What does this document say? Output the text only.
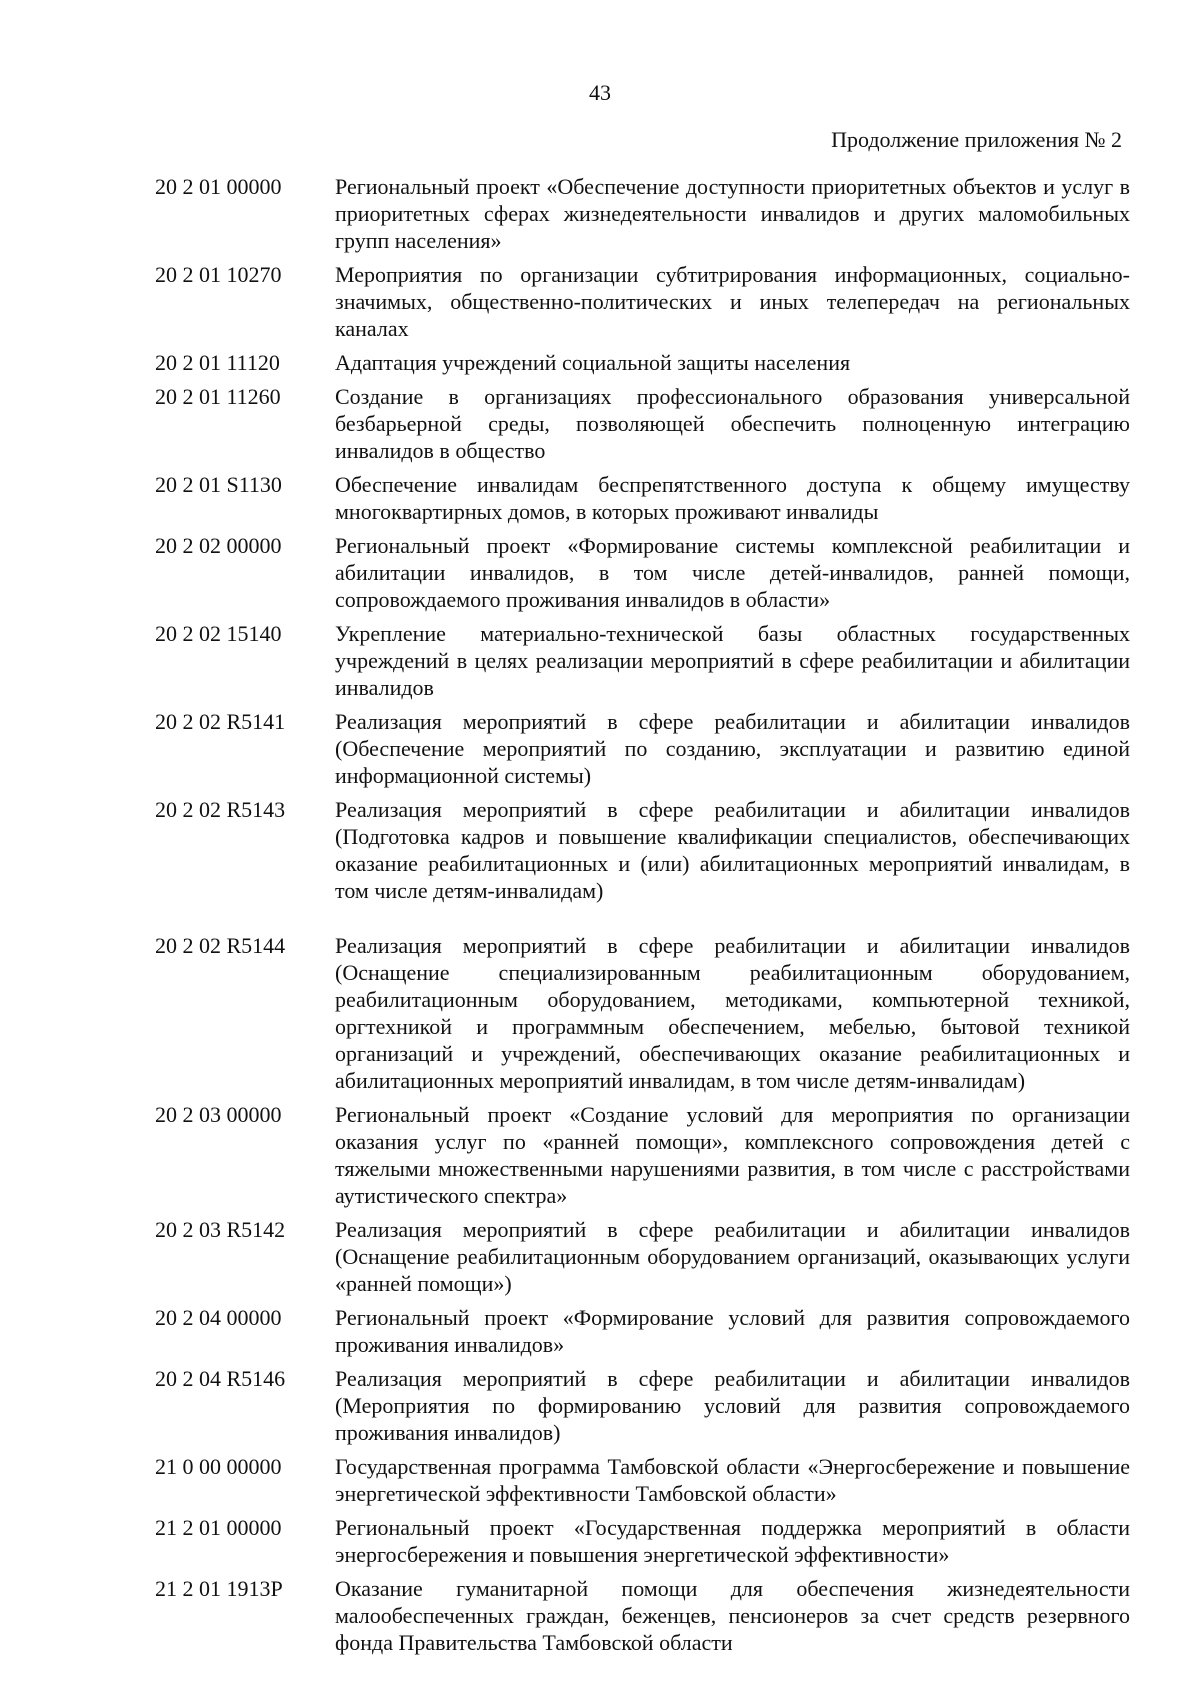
43
Продолжение приложения № 2
20 2 01 00000	Региональный проект «Обеспечение доступности приоритетных объектов и услуг в приоритетных сферах жизнедеятельности инвалидов и других маломобильных групп населения»
20 2 01 10270	Мероприятия по организации субтитрирования информационных, социально-значимых, общественно-политических и иных телепередач на региональных каналах
20 2 01 11120	Адаптация учреждений социальной защиты населения
20 2 01 11260	Создание в организациях профессионального образования универсальной безбарьерной среды, позволяющей обеспечить полноценную интеграцию инвалидов в общество
20 2 01 S1130	Обеспечение инвалидам беспрепятственного доступа к общему имуществу многоквартирных домов, в которых проживают инвалиды
20 2 02 00000	Региональный проект «Формирование системы комплексной реабилитации и абилитации инвалидов, в том числе детей-инвалидов, ранней помощи, сопровождаемого проживания инвалидов в области»
20 2 02 15140	Укрепление материально-технической базы областных государственных учреждений в целях реализации мероприятий в сфере реабилитации и абилитации инвалидов
20 2 02 R5141	Реализация мероприятий в сфере реабилитации и абилитации инвалидов (Обеспечение мероприятий по созданию, эксплуатации и развитию единой информационной системы)
20 2 02 R5143	Реализация мероприятий в сфере реабилитации и абилитации инвалидов (Подготовка кадров и повышение квалификации специалистов, обеспечивающих оказание реабилитационных и (или) абилитационных мероприятий инвалидам, в том числе детям-инвалидам)
20 2 02 R5144	Реализация мероприятий в сфере реабилитации и абилитации инвалидов (Оснащение специализированным реабилитационным оборудованием, реабилитационным оборудованием, методиками, компьютерной техникой, оргтехникой и программным обеспечением, мебелью, бытовой техникой организаций и учреждений, обеспечивающих оказание реабилитационных и абилитационных мероприятий инвалидам, в том числе детям-инвалидам)
20 2 03 00000	Региональный проект «Создание условий для мероприятия по организации оказания услуг по «ранней помощи», комплексного сопровождения детей с тяжелыми множественными нарушениями развития, в том числе с расстройствами аутистического спектра»
20 2 03 R5142	Реализация мероприятий в сфере реабилитации и абилитации инвалидов (Оснащение реабилитационным оборудованием организаций, оказывающих услуги «ранней помощи»)
20 2 04 00000	Региональный проект «Формирование условий для развития сопровождаемого проживания инвалидов»
20 2 04 R5146	Реализация мероприятий в сфере реабилитации и абилитации инвалидов (Мероприятия по формированию условий для развития сопровождаемого проживания инвалидов)
21 0 00 00000	Государственная программа Тамбовской области «Энергосбережение и повышение энергетической эффективности Тамбовской области»
21 2 01 00000	Региональный проект «Государственная поддержка мероприятий в области энергосбережения и повышения энергетической эффективности»
21 2 01 1913Р	Оказание гуманитарной помощи для обеспечения жизнедеятельности малообеспеченных граждан, беженцев, пенсионеров за счет средств резервного фонда Правительства Тамбовской области
